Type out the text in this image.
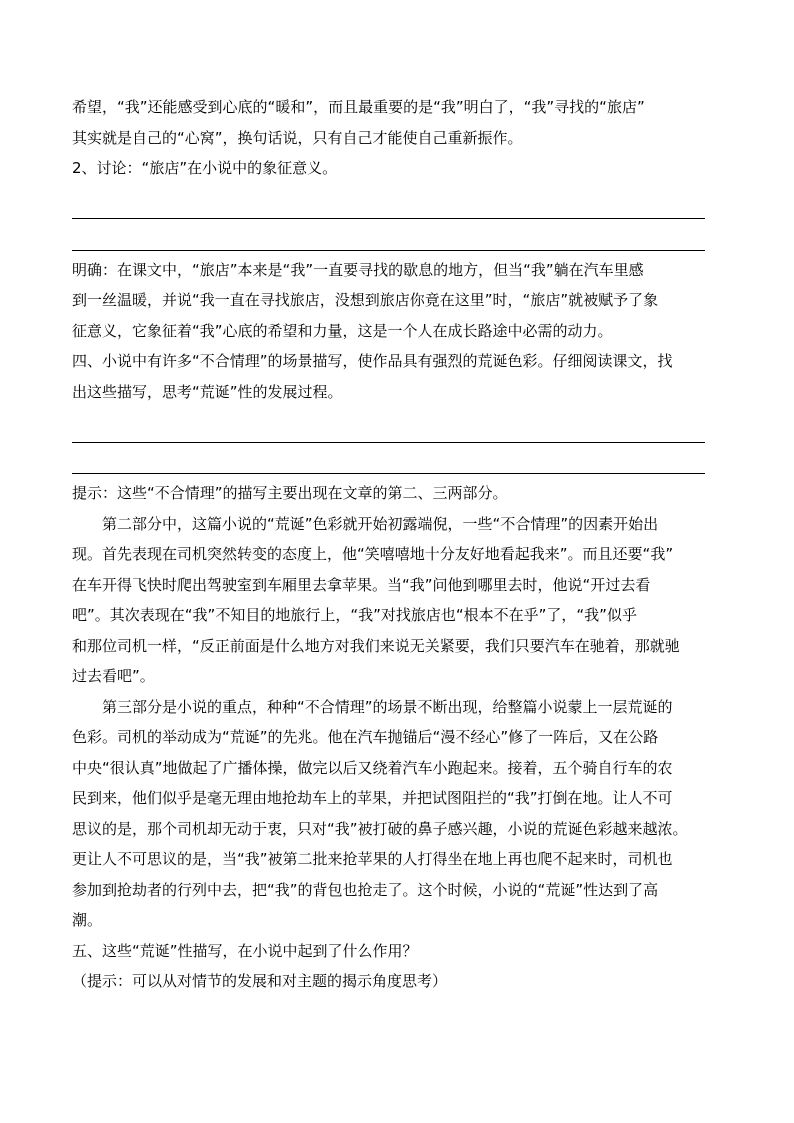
希望，“我”还能感受到心底的“暖和”，而且最重要的是“我”明白了，“我”寻找的“旅店”
其实就是自己的“心窝”，换句话说，只有自己才能使自己重新振作。
2、讨论：“旅店”在小说中的象征意义。
明确：在课文中，“旅店”本来是“我”一直要寻找的歇息的地方，但当“我”躺在汽车里感
到一丝温暖，并说“我一直在寻找旅店，没想到旅店你竟在这里”时，“旅店”就被赋予了象
征意义，它象征着“我”心底的希望和力量，这是一个人在成长路途中必需的动力。
四、小说中有许多“不合情理”的场景描写，使作品具有强烈的荒诞色彩。仔细阅读课文，找
出这些描写，思考“荒诞”性的发展过程。
提示：这些“不合情理”的描写主要出现在文章的第二、三两部分。
第二部分中，这篇小说的“荒诞”色彩就开始初露端倪，一些“不合情理”的因素开始出
现。首先表现在司机突然转变的态度上，他“笑嘻嘻地十分友好地看起我来”。而且还要“我”
在车开得飞快时爬出驾驶室到车厢里去拿苹果。当“我”问他到哪里去时，他说“开过去看
吧”。其次表现在“我”不知目的地旅行上，“我”对找旅店也“根本不在乎”了，“我”似乎
和那位司机一样，“反正前面是什么地方对我们来说无关紧要，我们只要汽车在驰着，那就驰
过去看吧”。
第三部分是小说的重点，种种“不合情理”的场景不断出现，给整篇小说蒙上一层荒诞的
色彩。司机的举动成为“荒诞”的先兆。他在汽车抛锚后“漫不经心”修了一阵后，又在公路
中央“很认真”地做起了广播体操，做完以后又绕着汽车小跑起来。接着，五个骑自行车的农
民到来，他们似乎是毫无理由地抢劫车上的苹果，并把试图阻拦的“我”打倒在地。让人不可
思议的是，那个司机却无动于衷，只对“我”被打破的鼻子感兴趣，小说的荒诞色彩越来越浓。
更让人不可思议的是，当“我”被第二批来抢苹果的人打得坐在地上再也爬不起来时，司机也
参加到抢劫者的行列中去，把“我”的背包也抢走了。这个时候，小说的“荒诞”性达到了高
潮。
五、这些“荒诞”性描写，在小说中起到了什么作用？
（提示：可以从对情节的发展和对主题的揭示角度思考）
